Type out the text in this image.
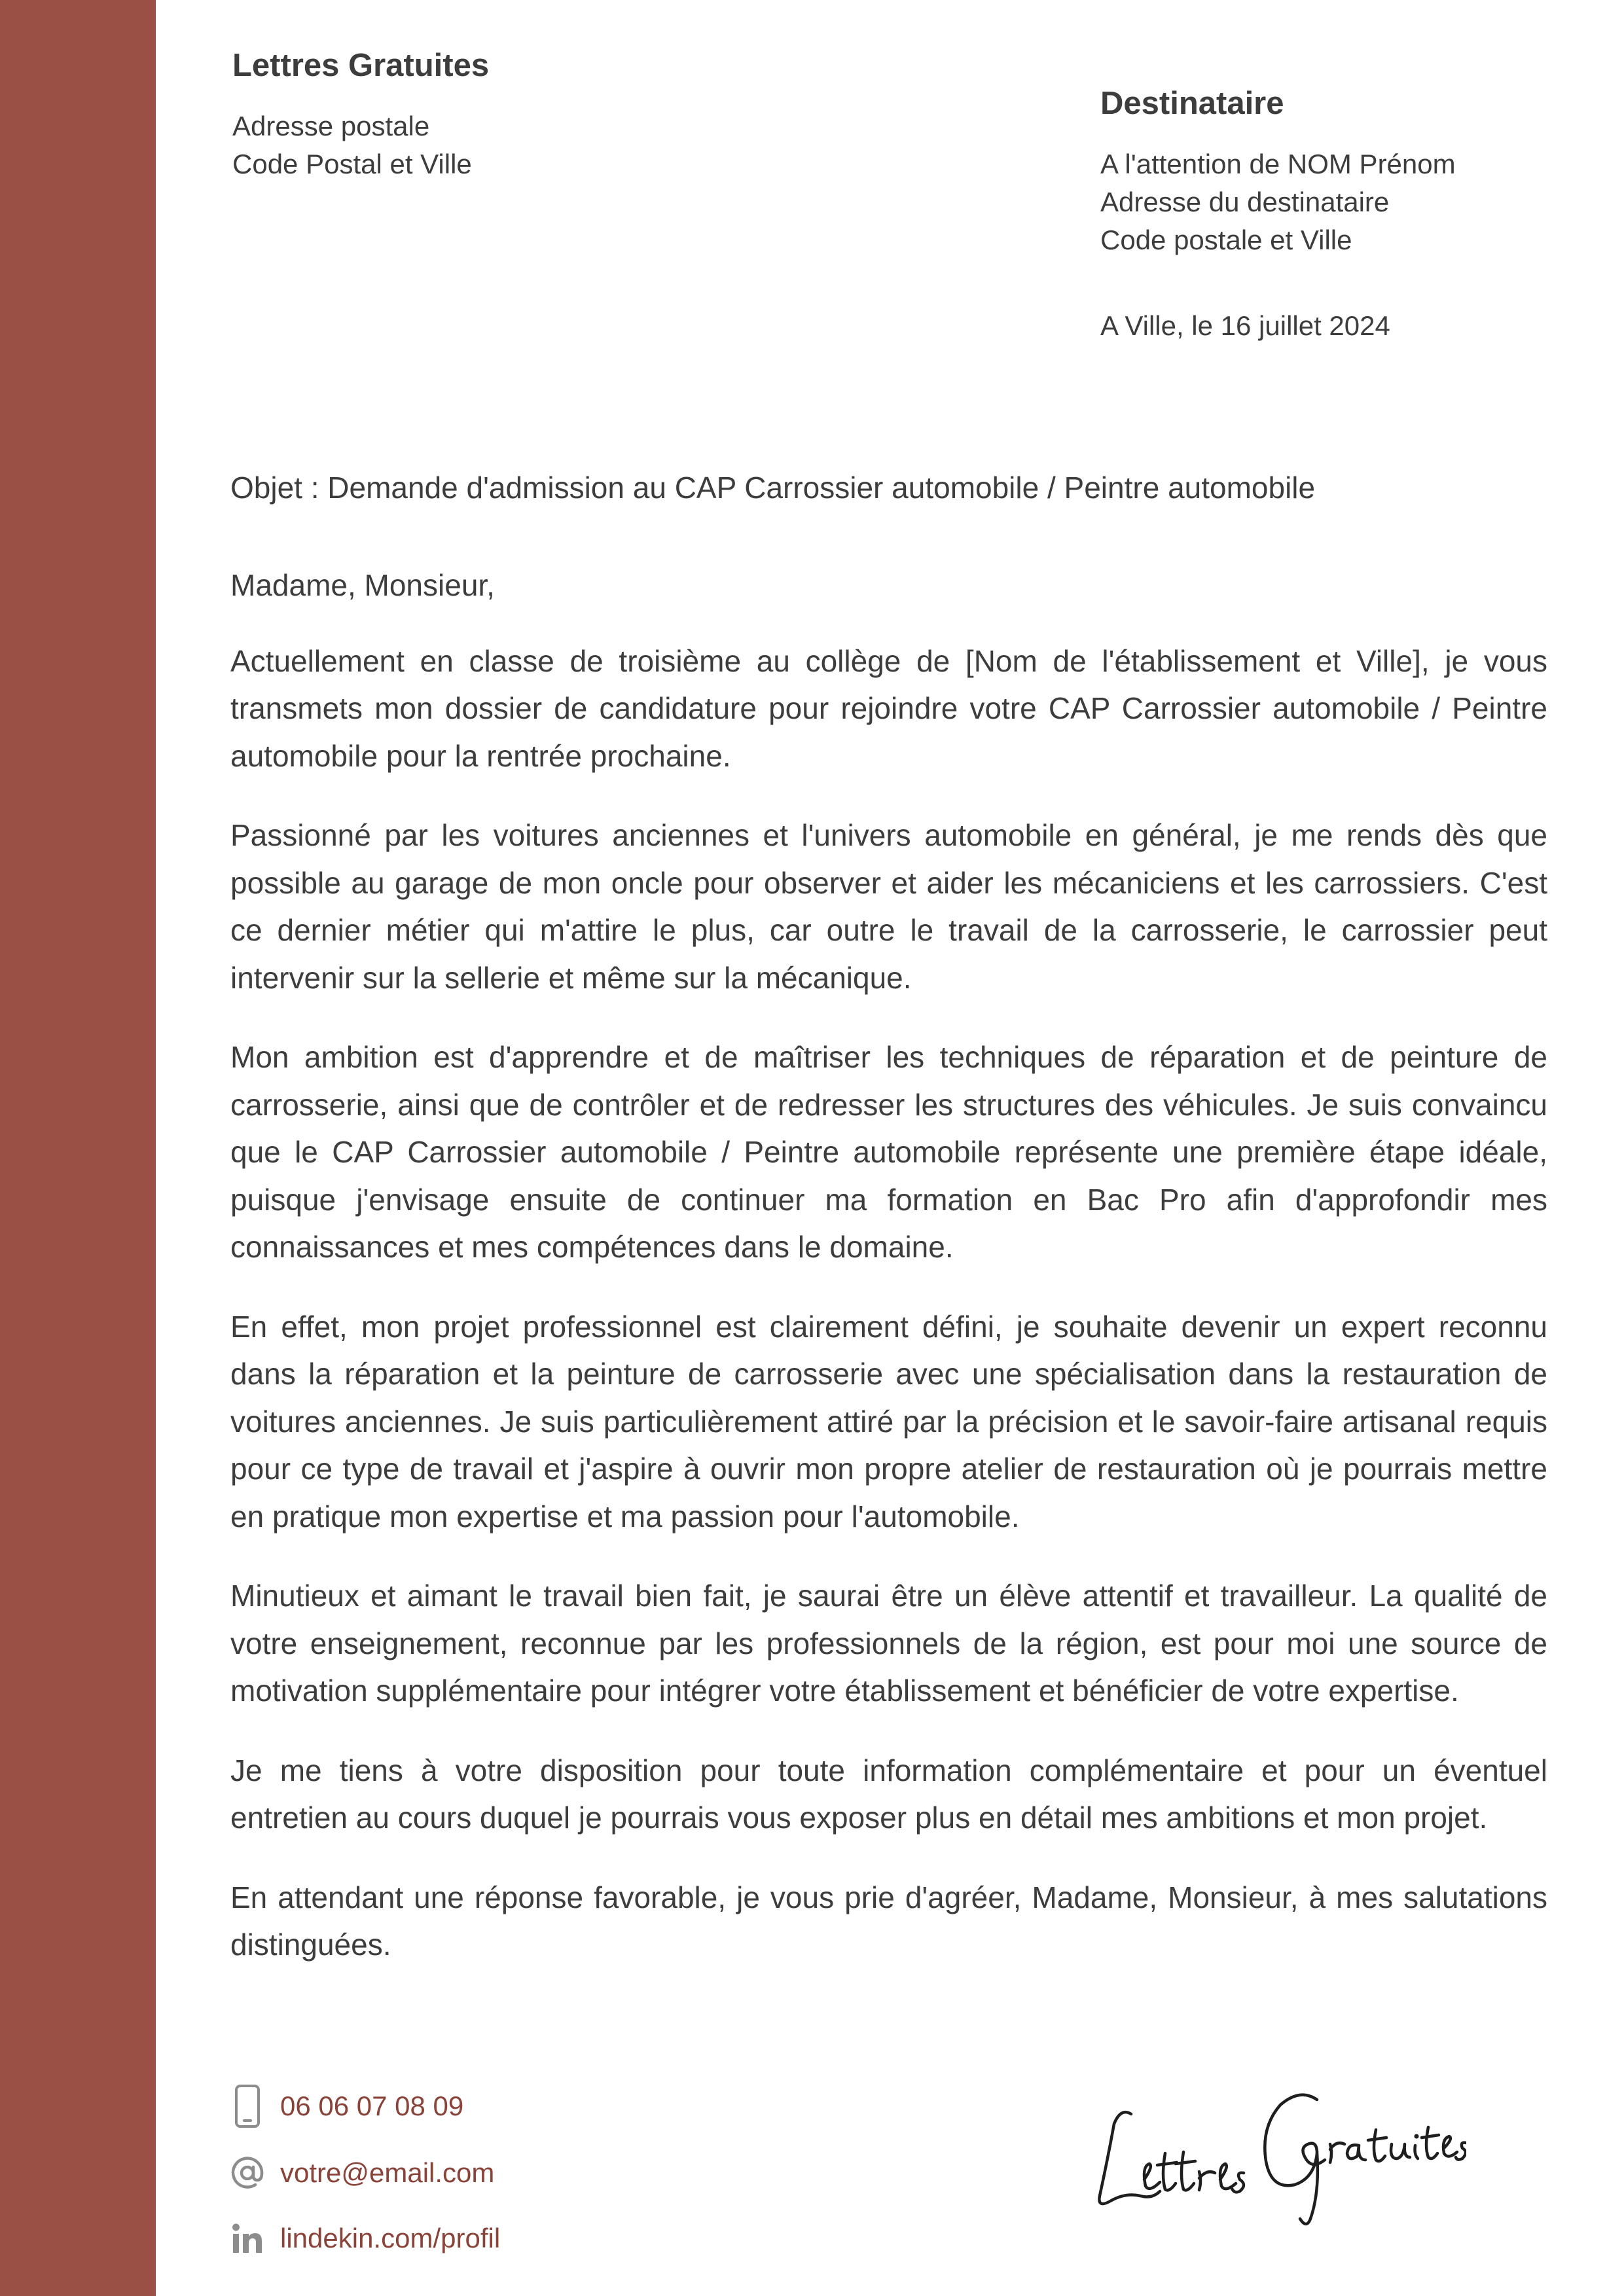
Lettres Gratuites
Adresse postale
Code Postal et Ville
Destinataire
A l'attention de NOM Prénom
Adresse du destinataire
Code postale et Ville
A Ville, le 16 juillet 2024
Objet : Demande d'admission au CAP Carrossier automobile / Peintre automobile

Madame, Monsieur,

Actuellement en classe de troisième au collège de [Nom de l'établissement et Ville], je vous transmets mon dossier de candidature pour rejoindre votre CAP Carrossier automobile / Peintre automobile pour la rentrée prochaine.

Passionné par les voitures anciennes et l'univers automobile en général, je me rends dès que possible au garage de mon oncle pour observer et aider les mécaniciens et les carrossiers. C'est ce dernier métier qui m'attire le plus, car outre le travail de la carrosserie, le carrossier peut intervenir sur la sellerie et même sur la mécanique.

Mon ambition est d'apprendre et de maîtriser les techniques de réparation et de peinture de carrosserie, ainsi que de contrôler et de redresser les structures des véhicules. Je suis convaincu que le CAP Carrossier automobile / Peintre automobile représente une première étape idéale, puisque j'envisage ensuite de continuer ma formation en Bac Pro afin d'approfondir mes connaissances et mes compétences dans le domaine.

En effet, mon projet professionnel est clairement défini, je souhaite devenir un expert reconnu dans la réparation et la peinture de carrosserie avec une spécialisation dans la restauration de voitures anciennes. Je suis particulièrement attiré par la précision et le savoir-faire artisanal requis pour ce type de travail et j'aspire à ouvrir mon propre atelier de restauration où je pourrais mettre en pratique mon expertise et ma passion pour l'automobile.

Minutieux et aimant le travail bien fait, je saurai être un élève attentif et travailleur. La qualité de votre enseignement, reconnue par les professionnels de la région, est pour moi une source de motivation supplémentaire pour intégrer votre établissement et bénéficier de votre expertise.

Je me tiens à votre disposition pour toute information complémentaire et pour un éventuel entretien au cours duquel je pourrais vous exposer plus en détail mes ambitions et mon projet.

En attendant une réponse favorable, je vous prie d'agréer, Madame, Monsieur, à mes salutations distinguées.

06 06 07 08 09
votre@email.com
lindekin.com/profil
